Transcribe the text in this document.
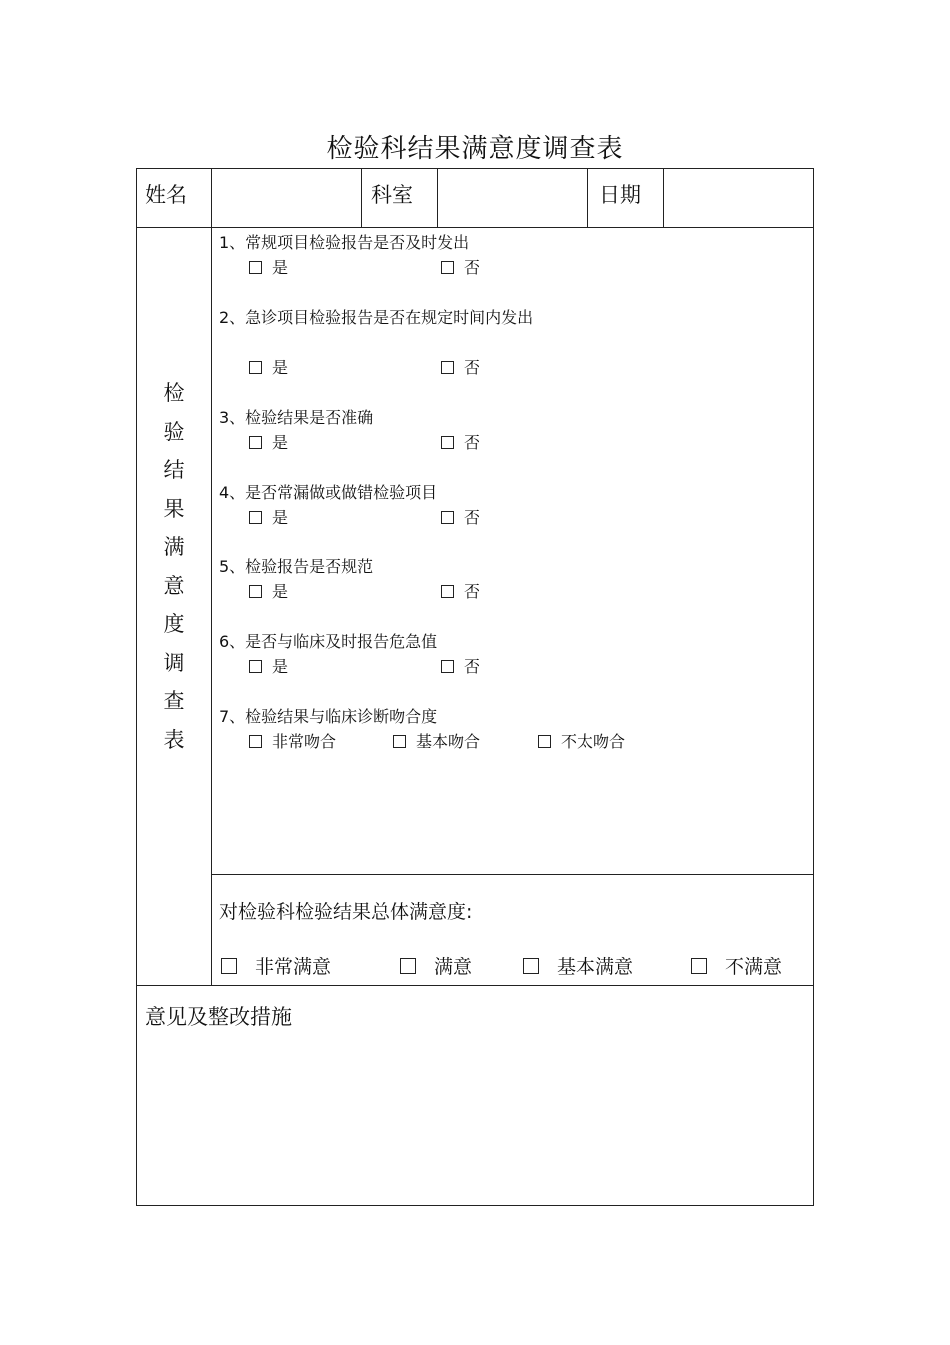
检验科结果满意度调查表
姓名	科室	日期
检
验
结
果
满
意
度
调
查
表
1、常规项目检验报告是否及时发出
是	否
2、急诊项目检验报告是否在规定时间内发出
是	否
3、检验结果是否准确
是	否
4、是否常漏做或做错检验项目
是	否
5、检验报告是否规范
是	否
6、是否与临床及时报告危急值
是	否
7、检验结果与临床诊断吻合度
非常吻合	基本吻合	不太吻合
对检验科检验结果总体满意度:
非常满意	满意	基本满意	不满意
意见及整改措施
